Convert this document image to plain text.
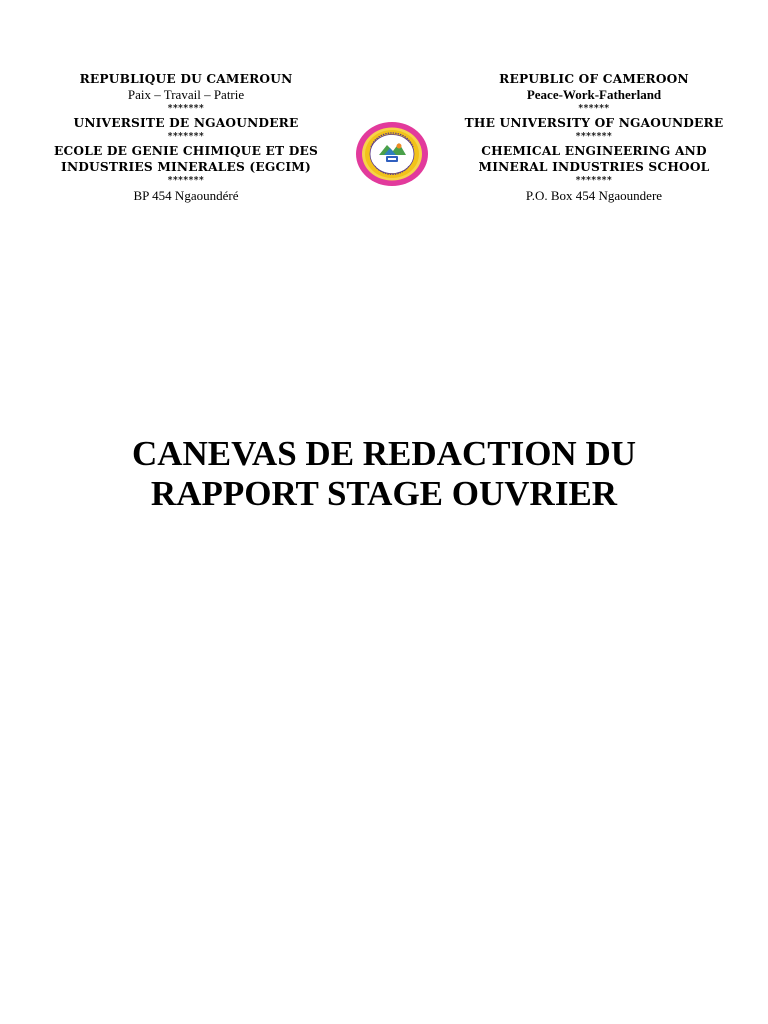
REPUBLIQUE DU CAMEROUN
Paix – Travail – Patrie
*******
UNIVERSITE DE NGAOUNDERE
*******
ECOLE DE GENIE CHIMIQUE ET DES
INDUSTRIES MINERALES (EGCIM)
*******
BP 454 Ngaoundéré
REPUBLIC OF CAMEROON
Peace-Work-Fatherland
******
THE UNIVERSITY OF NGAOUNDERE
*******
CHEMICAL ENGINEERING AND
MINERAL INDUSTRIES SCHOOL
*******
P.O. Box 454 Ngaoundere
CANEVAS DE REDACTION DU
RAPPORT STAGE OUVRIER
